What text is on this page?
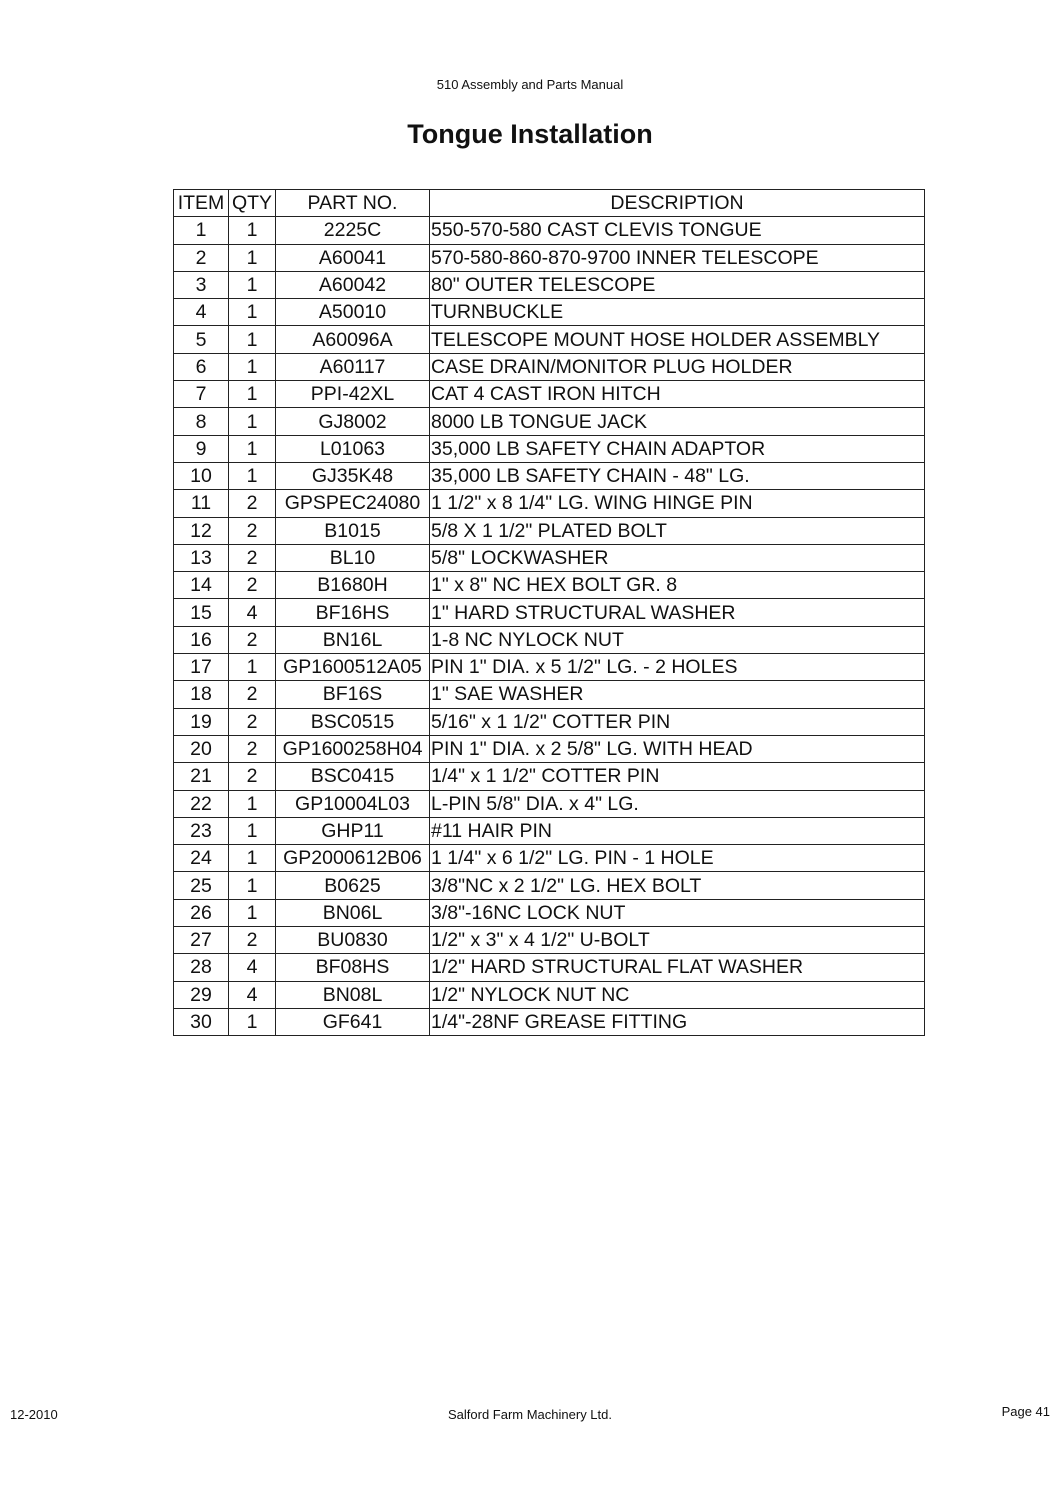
510 Assembly and Parts Manual
Tongue Installation
ITEM	QTY	PART NO.	DESCRIPTION
1	1	2225C	550-570-580 CAST CLEVIS TONGUE
2	1	A60041	570-580-860-870-9700 INNER TELESCOPE
3	1	A60042	80" OUTER TELESCOPE
4	1	A50010	TURNBUCKLE
5	1	A60096A	TELESCOPE MOUNT HOSE HOLDER ASSEMBLY
6	1	A60117	CASE DRAIN/MONITOR PLUG HOLDER
7	1	PPI-42XL	CAT 4 CAST IRON HITCH
8	1	GJ8002	8000 LB TONGUE JACK
9	1	L01063	35,000 LB SAFETY CHAIN ADAPTOR
10	1	GJ35K48	35,000 LB SAFETY CHAIN - 48" LG.
11	2	GPSPEC24080	1 1/2" x 8 1/4" LG. WING HINGE PIN
12	2	B1015	5/8 X 1 1/2" PLATED BOLT
13	2	BL10	5/8" LOCKWASHER
14	2	B1680H	1" x 8" NC HEX BOLT GR. 8
15	4	BF16HS	1" HARD STRUCTURAL WASHER
16	2	BN16L	1-8 NC NYLOCK NUT
17	1	GP1600512A05	PIN 1" DIA. x 5 1/2" LG. - 2 HOLES
18	2	BF16S	1" SAE WASHER
19	2	BSC0515	5/16" x 1 1/2" COTTER PIN
20	2	GP1600258H04	PIN 1" DIA. x 2 5/8" LG. WITH HEAD
21	2	BSC0415	1/4" x 1 1/2" COTTER PIN
22	1	GP10004L03	L-PIN 5/8" DIA. x 4" LG.
23	1	GHP11	#11 HAIR PIN
24	1	GP2000612B06	1 1/4" x 6 1/2" LG. PIN - 1 HOLE
25	1	B0625	3/8"NC x 2 1/2" LG. HEX BOLT
26	1	BN06L	3/8"-16NC LOCK NUT
27	2	BU0830	1/2" x 3" x 4 1/2" U-BOLT
28	4	BF08HS	1/2" HARD STRUCTURAL FLAT WASHER
29	4	BN08L	1/2" NYLOCK NUT NC
30	1	GF641	1/4"-28NF GREASE FITTING
12-2010	Salford Farm Machinery Ltd.	Page 41
